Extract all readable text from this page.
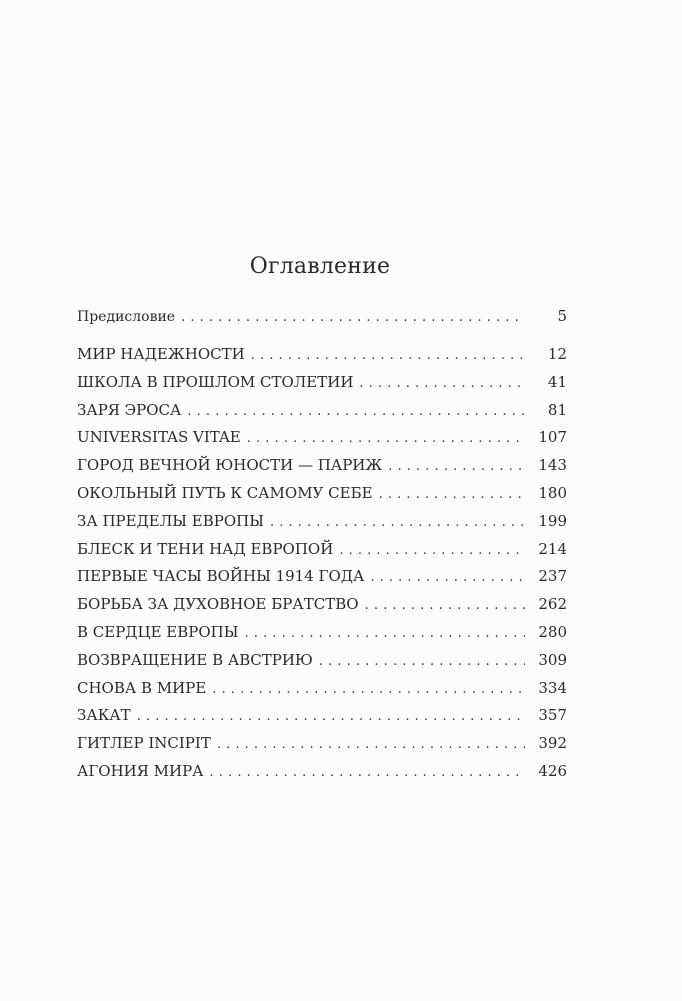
Оглавление
Предисловие . . .	5
МИР НАДЕЖНОСТИ . . .	12
ШКОЛА В ПРОШЛОМ СТОЛЕТИИ . . .	41
ЗАРЯ ЭРОСА . . .	81
UNIVERSITAS VITAE . . .	107
ГОРОД ВЕЧНОЙ ЮНОСТИ — ПАРИЖ . . .	143
ОКОЛЬНЫЙ ПУТЬ К САМОМУ СЕБЕ . . .	180
ЗА ПРЕДЕЛЫ ЕВРОПЫ . . .	199
БЛЕСК И ТЕНИ НАД ЕВРОПОЙ . . .	214
ПЕРВЫЕ ЧАСЫ ВОЙНЫ 1914 ГОДА . . .	237
БОРЬБА ЗА ДУХОВНОЕ БРАТСТВО . . .	262
В СЕРДЦЕ ЕВРОПЫ . . .	280
ВОЗВРАЩЕНИЕ В АВСТРИЮ . . .	309
СНОВА В МИРЕ . . .	334
ЗАКАТ . . .	357
ГИТЛЕР INCIPIT . . .	392
АГОНИЯ МИРА . . .	426
